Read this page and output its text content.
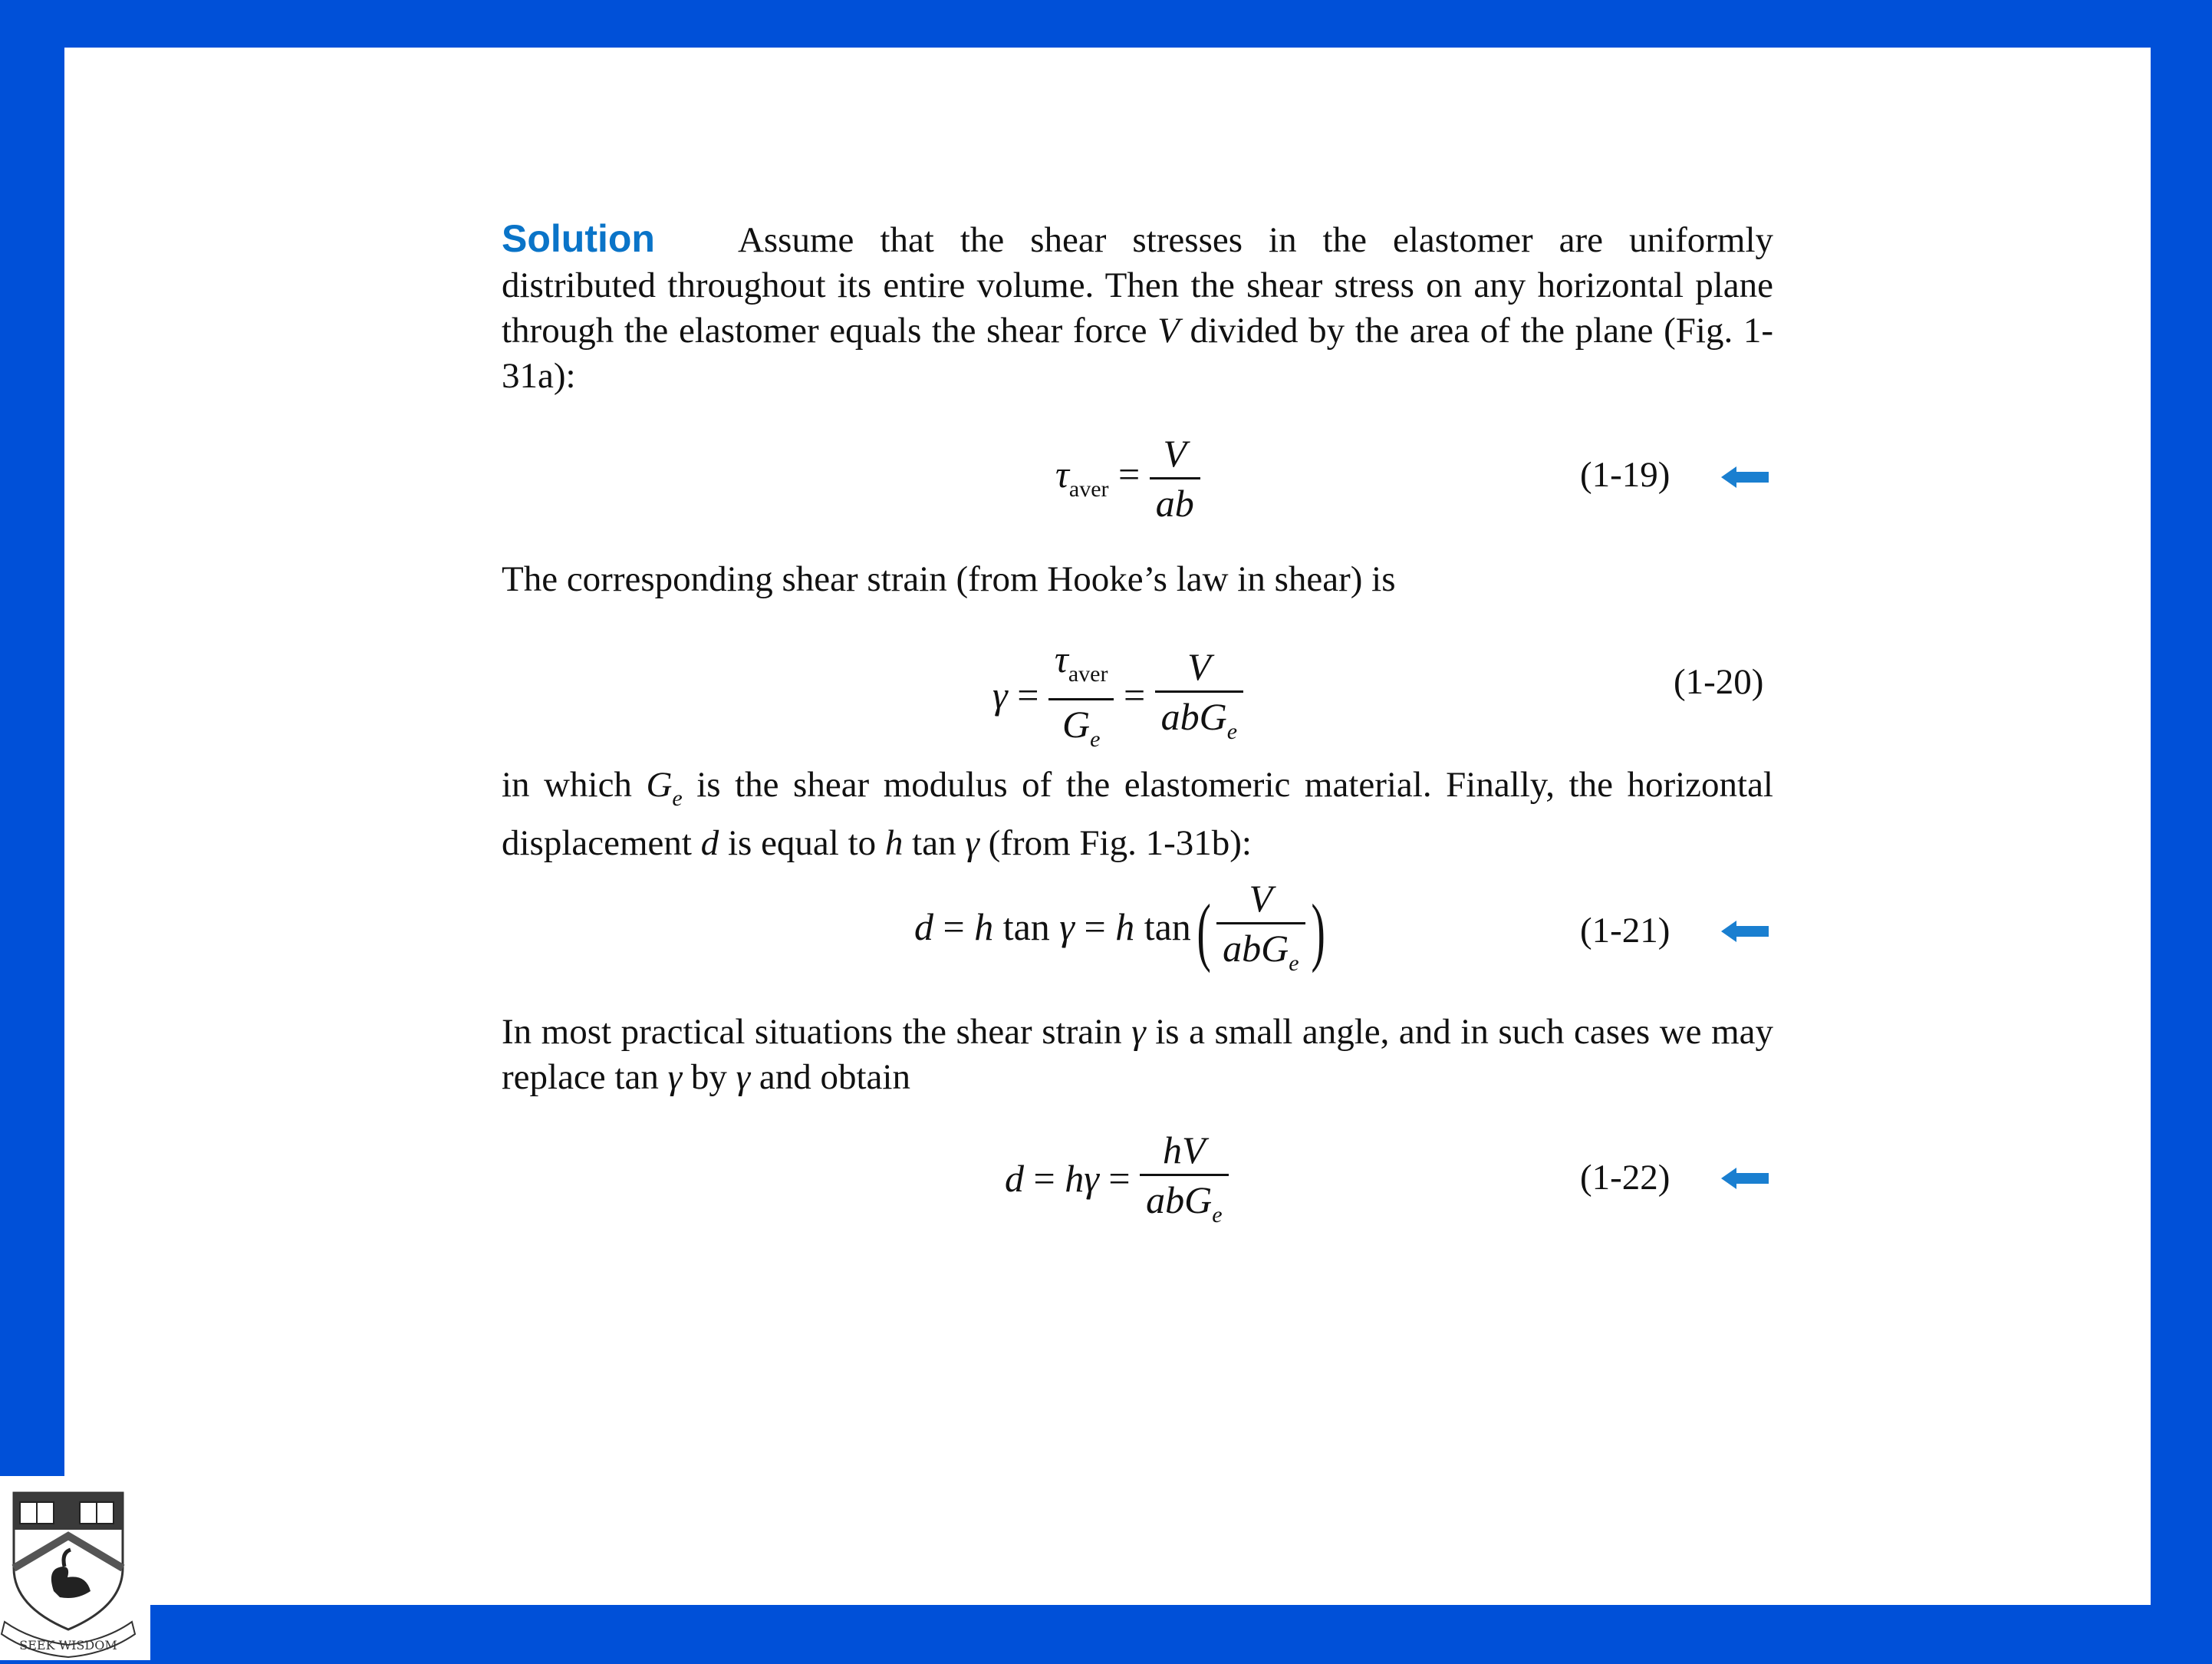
Solution Assume that the shear stresses in the elastomer are uniformly distributed throughout its entire volume. Then the shear stress on any horizontal plane through the elastomer equals the shear force V divided by the area of the plane (Fig. 1-31a):
$\tau_{aver} = \frac{V}{ab}$	(1-19)
The corresponding shear strain (from Hooke’s law in shear) is
$\gamma = \frac{\tau_{aver}}{G_e} = \frac{V}{abG_e}$	(1-20)
in which $G_e$ is the shear modulus of the elastomeric material. Finally, the horizontal displacement d is equal to h tan γ (from Fig. 1-31b):
d = h tan γ = h $\tan( \frac{V}{abG_e}$ )	(1-21)
In most practical situations the shear strain γ is a small angle, and in such cases we may replace tan γ by γ and obtain
$d = h\gamma = \frac{hV}{abG_e}$	(1-22)
SEEK WISDOM
